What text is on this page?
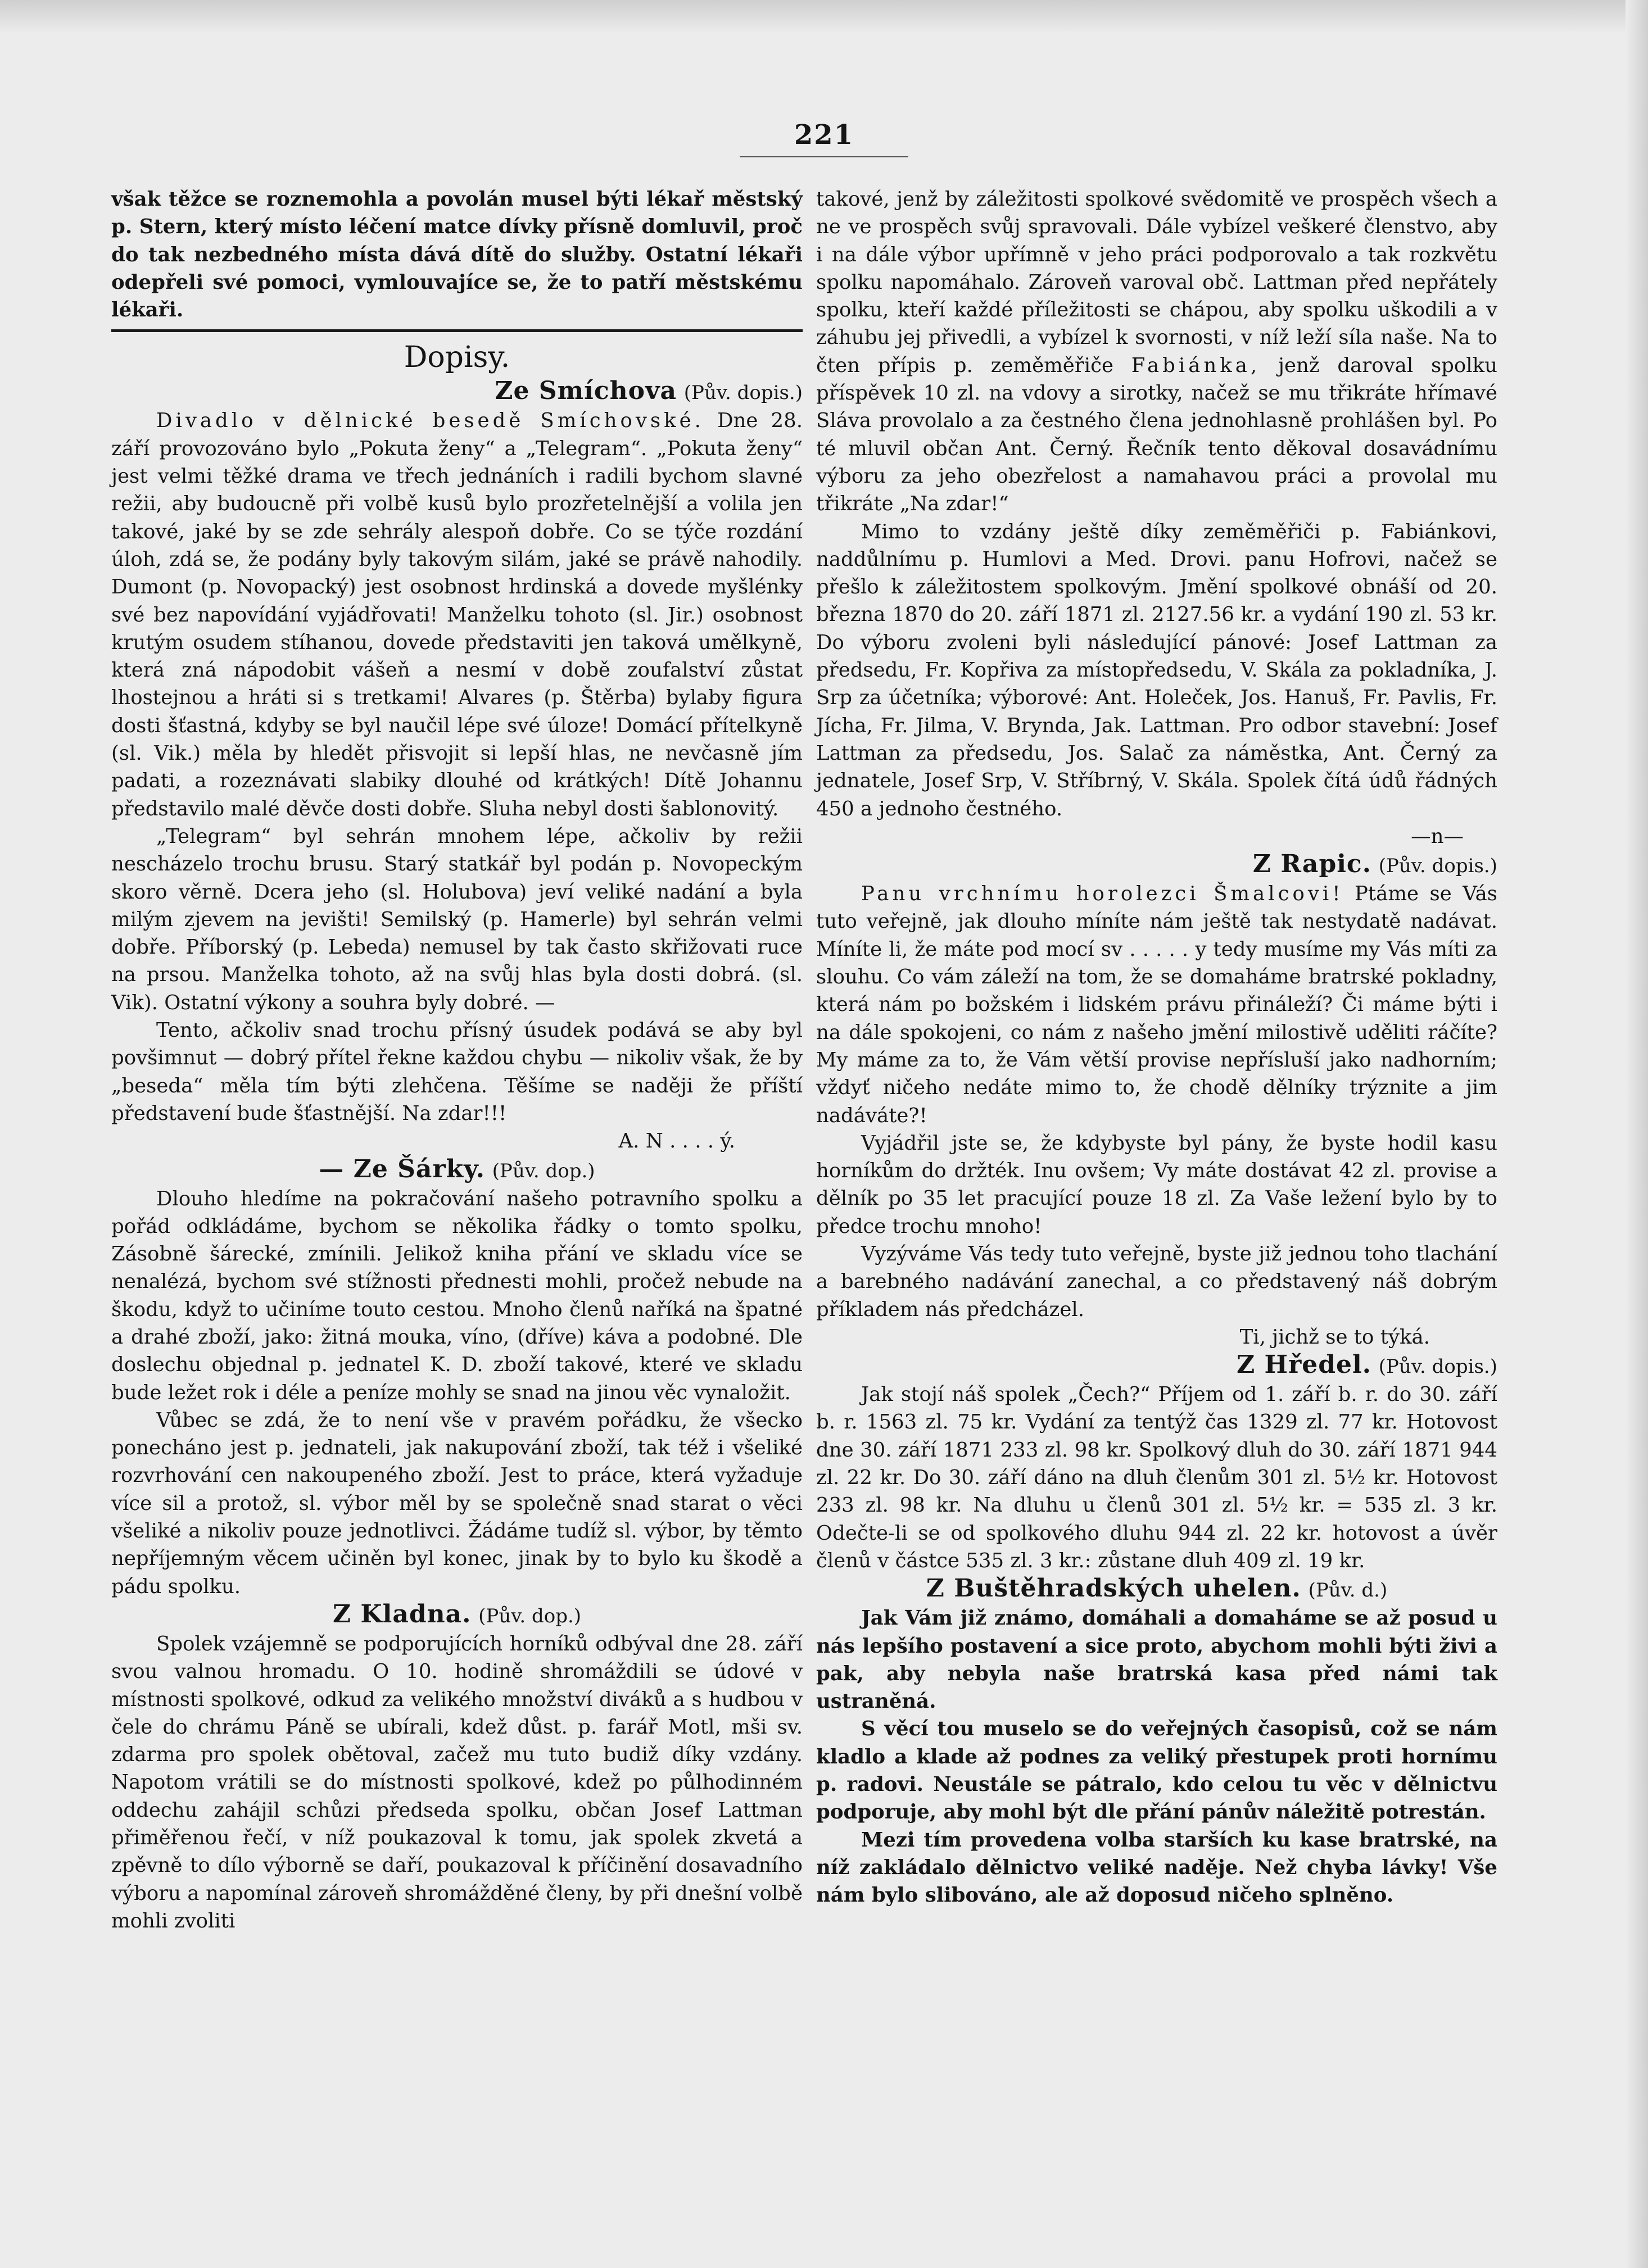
221

však těžce se roznemohla a povolán musel býti lékař městský p. Stern, který místo léčení matce dívky přísně domluvil, proč do tak nezbedného místa dává dítě do služby. Ostatní lékaři odepřeli své pomoci, vymlouvajíce se, že to patří městskému lékaři.

Dopisy.
Ze Smíchova (Pův. dopis.)

Divadlo v dělnické besedě Smíchovské. Dne 28. září provozováno bylo „Pokuta ženy“ a „Telegram“. „Pokuta ženy“ jest velmi těžké drama ve třech jednáních i radili bychom slavné režii, aby budoucně při volbě kusů bylo prozřetelnější a volila jen takové, jaké by se zde sehrály alespoň dobře. Co se týče rozdání úloh, zdá se, že podány byly takovým silám, jaké se právě nahodily. Dumont (p. Novopacký) jest osobnost hrdinská a dovede myšlénky své bez napovídání vyjádřovati! Manželku tohoto (sl. Jir.) osobnost krutým osudem stíhanou, dovede představiti jen taková umělkyně, která zná nápodobit vášeň a nesmí v době zoufalství zůstat lhostejnou a hráti si s tretkami! Alvares (p. Štěrba) bylaby figura dosti šťastná, kdyby se byl naučil lépe své úloze! Domácí přítelkyně (sl. Vik.) měla by hledět přisvojit si lepší hlas, ne nevčasně jím padati, a rozeznávati slabiky dlouhé od krátkých! Dítě Johannu představilo malé děvče dosti dobře. Sluha nebyl dosti šablonovitý.

„Telegram“ byl sehrán mnohem lépe, ačkoliv by režii nescházelo trochu brusu. Starý statkář byl podán p. Novopeckým skoro věrně. Dcera jeho (sl. Holubova) jeví veliké nadání a byla milým zjevem na jevišti! Semilský (p. Hamerle) byl sehrán velmi dobře. Příborský (p. Lebeda) nemusel by tak často skřižovati ruce na prsou. Manželka tohoto, až na svůj hlas byla dosti dobrá. (sl. Vik). Ostatní výkony a souhra byly dobré. —

Tento, ačkoliv snad trochu přísný úsudek podává se aby byl povšimnut — dobrý přítel řekne každou chybu — nikoliv však, že by „beseda“ měla tím býti zlehčena. Těšíme se naději že příští představení bude šťastnější. Na zdar!!!

A. N . . . . ý.
— Ze Šárky. (Pův. dop.)

Dlouho hledíme na pokračování našeho potravního spolku a pořád odkládáme, bychom se několika řádky o tomto spolku, Zásobně šárecké, zmínili. Jelikož kniha přání ve skladu více se nenalézá, bychom své stížnosti přednesti mohli, pročež nebude na škodu, když to učiníme touto cestou. Mnoho členů naříká na špatné a drahé zboží, jako: žitná mouka, víno, (dříve) káva a podobné. Dle doslechu objednal p. jednatel K. D. zboží takové, které ve skladu bude ležet rok i déle a peníze mohly se snad na jinou věc vynaložit.

Vůbec se zdá, že to není vše v pravém pořádku, že všecko ponecháno jest p. jednateli, jak nakupování zboží, tak též i všeliké rozvrhování cen nakoupeného zboží. Jest to práce, která vyžaduje více sil a protož, sl. výbor měl by se společně snad starat o věci všeliké a nikoliv pouze jednotlivci. Žádáme tudíž sl. výbor, by těmto nepříjemným věcem učiněn byl konec, jinak by to bylo ku škodě a pádu spolku.

Z Kladna. (Pův. dop.)

Spolek vzájemně se podporujících horníků odbýval dne 28. září svou valnou hromadu. O 10. hodině shromáždili se údové v místnosti spolkové, odkud za velikého množství diváků a s hudbou v čele do chrámu Páně se ubírali, kdež důst. p. farář Motl, mši sv. zdarma pro spolek obětoval, začež mu tuto budiž díky vzdány. Napotom vrátili se do místnosti spolkové, kdež po půlhodinném oddechu zahájil schůzi předseda spolku, občan Josef Lattman přiměřenou řečí, v níž poukazoval k tomu, jak spolek zkvetá a zpěvně to dílo výborně se daří, poukazoval k příčinění dosavadního výboru a napomínal zároveň shromážděné členy, by při dnešní volbě mohli zvoliti

takové, jenž by záležitosti spolkové svědomitě ve prospěch všech a ne ve prospěch svůj spravovali. Dále vybízel veškeré členstvo, aby i na dále výbor upřímně v jeho práci podporovalo a tak rozkvětu spolku napomáhalo. Zároveň varoval obč. Lattman před nepřátely spolku, kteří každé příležitosti se chápou, aby spolku uškodili a v záhubu jej přivedli, a vybízel k svornosti, v níž leží síla naše. Na to čten přípis p. zeměměřiče Fabiánka, jenž daroval spolku příspěvek 10 zl. na vdovy a sirotky, načež se mu třikráte hřímavé Sláva provolalo a za čestného člena jednohlasně prohlášen byl. Po té mluvil občan Ant. Černý. Řečník tento děkoval dosavádnímu výboru za jeho obezřelost a namahavou práci a provolal mu třikráte „Na zdar!“

Mimo to vzdány ještě díky zeměměřiči p. Fabiánkovi, naddůlnímu p. Humlovi a Med. Drovi. panu Hofrovi, načež se přešlo k záležitostem spolkovým. Jmění spolkové obnáší od 20. března 1870 do 20. září 1871 zl. 2127.56 kr. a vydání 190 zl. 53 kr. Do výboru zvoleni byli následující pánové: Josef Lattman za předsedu, Fr. Kopřiva za místopředsedu, V. Skála za pokladníka, J. Srp za účetníka; výborové: Ant. Holeček, Jos. Hanuš, Fr. Pavlis, Fr. Jícha, Fr. Jilma, V. Brynda, Jak. Lattman. Pro odbor stavební: Josef Lattman za předsedu, Jos. Salač za náměstka, Ant. Černý za jednatele, Josef Srp, V. Stříbrný, V. Skála. Spolek čítá údů řádných 450 a jednoho čestného.

—n—
Z Rapic. (Pův. dopis.)

Panu vrchnímu horolezci Šmalcovi! Ptáme se Vás tuto veřejně, jak dlouho míníte nám ještě tak nestydatě nadávat. Míníte li, že máte pod mocí sv . . . . . y tedy musíme my Vás míti za slouhu. Co vám záleží na tom, že se domaháme bratrské pokladny, která nám po božském i lidském právu přináleží? Či máme býti i na dále spokojeni, co nám z našeho jmění milostivě uděliti ráčíte? My máme za to, že Vám větší provise nepřísluší jako nadhorním; vždyť ničeho nedáte mimo to, že chodě dělníky trýznite a jim nadáváte?!

Vyjádřil jste se, že kdybyste byl pány, že byste hodil kasu horníkům do držték. Inu ovšem; Vy máte dostávat 42 zl. provise a dělník po 35 let pracující pouze 18 zl. Za Vaše ležení bylo by to předce trochu mnoho!

Vyzýváme Vás tedy tuto veřejně, byste již jednou toho tlachání a barebného nadávání zanechal, a co představený náš dobrým příkladem nás předcházel.

Ti, jichž se to týká.
Z Hředel. (Pův. dopis.)

Jak stojí náš spolek „Čech?“ Příjem od 1. září b. r. do 30. září b. r. 1563 zl. 75 kr. Vydání za tentýž čas 1329 zl. 77 kr. Hotovost dne 30. září 1871 233 zl. 98 kr. Spolkový dluh do 30. září 1871 944 zl. 22 kr. Do 30. září dáno na dluh členům 301 zl. 5½ kr. Hotovost 233 zl. 98 kr. Na dluhu u členů 301 zl. 5½ kr. = 535 zl. 3 kr. Odečte-li se od spolkového dluhu 944 zl. 22 kr. hotovost a úvěr členů v částce 535 zl. 3 kr.: zůstane dluh 409 zl. 19 kr.

Z Buštěhradských uhelen. (Pův. d.)

Jak Vám již známo, domáhali a domaháme se až posud u nás lepšího postavení a sice proto, abychom mohli býti živi a pak, aby nebyla naše bratrská kasa před námi tak ustraněná.

S věcí tou muselo se do veřejných časopisů, což se nám kladlo a klade až podnes za veliký přestupek proti hornímu p. radovi. Neustále se pátralo, kdo celou tu věc v dělnictvu podporuje, aby mohl být dle přání pánův náležitě potrestán.

Mezi tím provedena volba starších ku kase bratrské, na níž zakládalo dělnictvo veliké naděje. Než chyba lávky! Vše nám bylo slibováno, ale až doposud ničeho splněno.
